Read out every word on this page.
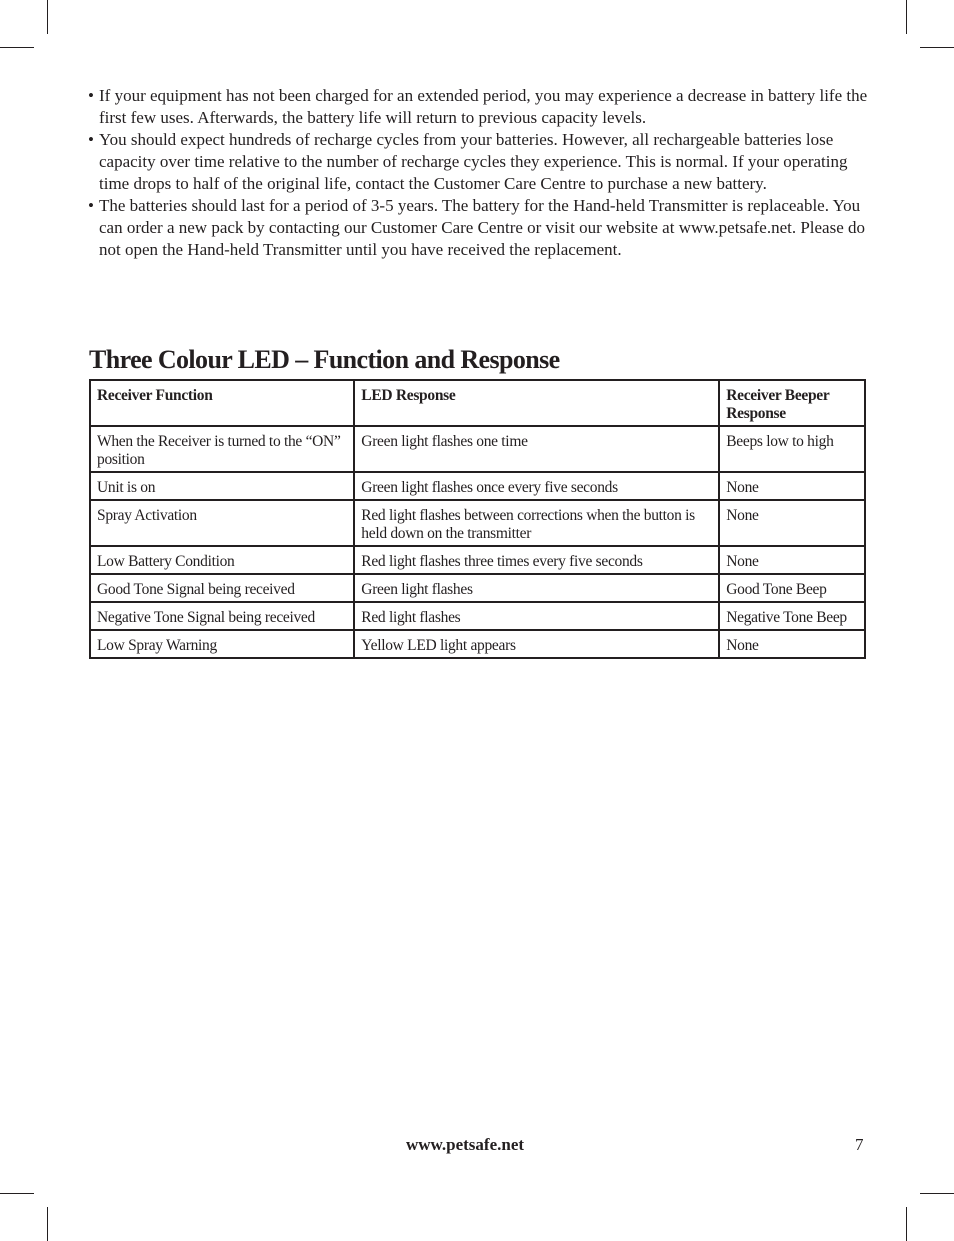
• If your equipment has not been charged for an extended period, you may experience a decrease in battery life the first few uses. Afterwards, the battery life will return to previous capacity levels.
• You should expect hundreds of recharge cycles from your batteries. However, all rechargeable batteries lose capacity over time relative to the number of recharge cycles they experience. This is normal. If your operating time drops to half of the original life, contact the Customer Care Centre to purchase a new battery.
• The batteries should last for a period of 3-5 years. The battery for the Hand-held Transmitter is replaceable. You can order a new pack by contacting our Customer Care Centre or visit our website at www.petsafe.net. Please do not open the Hand-held Transmitter until you have received the replacement.
Three Colour LED – Function and Response
Receiver Function	LED Response	Receiver Beeper Response
When the Receiver is turned to the “ON” position	Green light flashes one time	Beeps low to high
Unit is on	Green light flashes once every five seconds	None
Spray Activation	Red light flashes between corrections when the button is held down on the transmitter	None
Low Battery Condition	Red light flashes three times every five seconds	None
Good Tone Signal being received	Green light flashes	Good Tone Beep
Negative Tone Signal being received	Red light flashes	Negative Tone Beep
Low Spray Warning	Yellow LED light appears	None
www.petsafe.net	7
